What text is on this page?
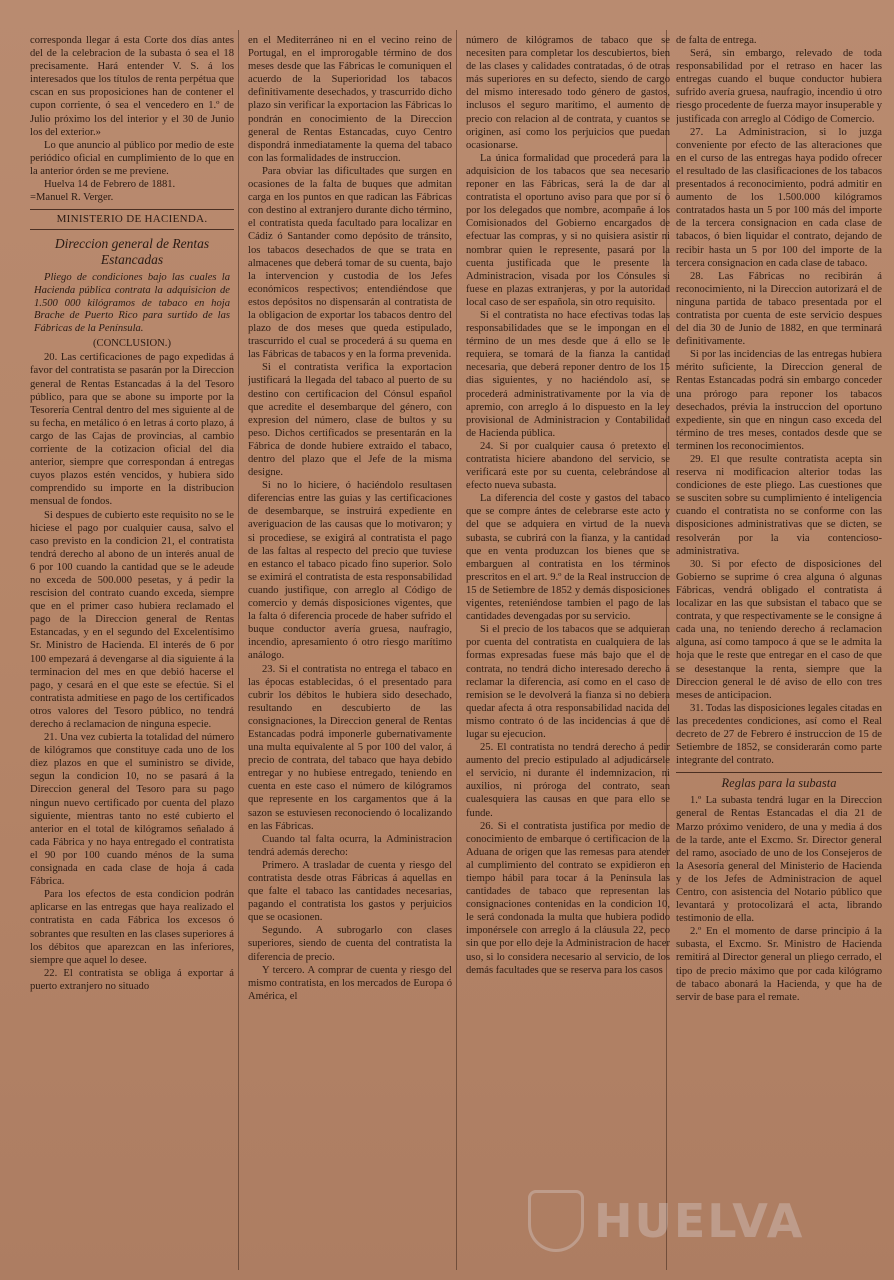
corresponda llegar á esta Corte dos días antes del de la celebracion de la subasta ó sea el 18 precisamente. Hará entender V. S. á los interesados que los títulos de renta perpétua que cscan en sus proposiciones han de contener el cupon corriente, ó sea el vencedero en 1.º de Julio próximo los del interior y el 30 de Junio los del exterior.»

Lo que anuncio al público por medio de este periódico oficial en cumplimiento de lo que en la anterior órden se me previene.

Huelva 14 de Febrero de 1881.

=Manuel R. Verger.

MINISTERIO DE HACIENDA.
Direccion general de Rentas Estancadas

Pliego de condiciones bajo las cuales la Hacienda pública contrata la adquisicion de 1.500 000 kilógramos de tabaco en hoja Brache de Puerto Rico para surtido de las Fábricas de la Península.

(CONCLUSION.)

20. Las certificaciones de pago expedidas á favor del contratista se pasarán por la Direccion general de Rentas Estancadas á la del Tesoro público, para que se abone su importe por la Tesorería Central dentro del mes siguiente al de su fecha, en metálico ó en letras á corto plazo, á cargo de las Cajas de provincias, al cambio corriente de la cotizacion oficial del dia anterior, siempre que correspondan á entregas cuyos plazos estén vencidos, y hubiera sido comprendido su importe en la distribucion mensual de fondos.

Si despues de cubierto este requisito no se le hiciese el pago por cualquier causa, salvo el caso previsto en la condicion 21, el contratista tendrá derecho al abono de un interés anual de 6 por 100 cuando la cantidad que se le adeude no exceda de 500.000 pesetas, y á pedir la rescision del contrato cuando exceda, siempre que en el primer caso hubiera reclamado el pago de la Direccion general de Rentas Estancadas, y en el segundo del Excelentísimo Sr. Ministro de Hacienda. El interés de 6 por 100 empezará á devengarse al dia siguiente á la terminacion del mes en que debió hacerse el pago, y cesará en el que este se efectúe. Si el contratista admitiese en pago de los certificados otros valores del Tesoro público, no tendrá derecho á reclamacion de ninguna especie.

21. Una vez cubierta la totalidad del número de kilógramos que constituye cada uno de los diez plazos en que el suministro se divide, segun la condicion 10, no se pasará á la Direccion general del Tesoro para su pago ningun nuevo certificado por cuenta del plazo siguiente, mientras tanto no esté cubierto el anterior en el total de kilógramos señalado á cada Fábrica y no haya entregado el contratista el 90 por 100 cuando ménos de la suma consignada en cada clase de hoja á cada Fábrica.

Para los efectos de esta condicion podrán aplicarse en las entregas que haya realizado el contratista en cada Fábrica los excesos ó sobrantes que resulten en las clases superiores á los débitos que aparezcan en las inferiores, siempre que aquel lo desee.

22. El contratista se obliga á exportar á puerto extranjero no situado

en el Mediterráneo ni en el vecino reino de Portugal, en el improrogable término de dos meses desde que las Fábricas le comuniquen el acuerdo de la Superioridad los tabacos definitivamente desechados, y trascurrido dicho plazo sin verificar la exportacion las Fábricas lo pondrán en conocimiento de la Direccion general de Rentas Estancadas, cuyo Centro dispondrá inmediatamente la quema del tabaco con las formalidades de instruccion.

Para obviar las dificultades que surgen en ocasiones de la falta de buques que admitan carga en los puntos en que radican las Fábricas con destino al extranjero durante dicho término, el contratista queda facultado para localizar en Cádiz ó Santander como depósito de tránsito, los tabacos desechados de que se trata en almacenes que deberá tomar de su cuenta, bajo la intervencion y custodia de los Jefes económicos respectivos; entendiéndose que estos depósitos no dispensarán al contratista de la obligacion de exportar los tabacos dentro del plazo de dos meses que queda estipulado, trascurrido el cual se procederá á su quema en las Fábricas de tabacos y en la forma prevenida.

Si el contratista verifica la exportacion justificará la llegada del tabaco al puerto de su destino con certificacion del Cónsul español que acredite el desembarque del género, con expresion del número, clase de bultos y su peso. Dichos certificados se presentarán en la Fábrica de donde hubiere extraido el tabaco, dentro del plazo que el Jefe de la misma designe.

Si no lo hiciere, ó haciéndolo resultasen diferencias entre las guias y las certificaciones de desembarque, se instruirá expediente en averiguacion de las causas que lo motivaron; y si procediese, se exigirá al contratista el pago de las faltas al respecto del precio que tuviese en estanco el tabaco picado fino superior. Solo se eximirá el contratista de esta responsabilidad cuando justifique, con arreglo al Código de comercio y demás disposiciones vigentes, que la falta ó diferencia procede de haber sufrido el buque conductor avería gruesa, naufragio, incendio, apresamiento ó otro riesgo marítimo análogo.

23. Si el contratista no entrega el tabaco en las épocas establecidas, ó el presentado para cubrir los débitos le hubiera sido desechado, resultando en descubierto de las consignaciones, la Direccion general de Rentas Estancadas podrá imponerle gubernativamente una multa equivalente al 5 por 100 del valor, á precio de contrata, del tabaco que haya debido entregar y no hubiese entregado, teniendo en cuenta en este caso el número de kilógramos que represente en los cargamentos que á la sazon se estuviesen reconociendo ó localizando en las Fábricas.

Cuando tal falta ocurra, la Administracion tendrá además derecho:

Primero. A trasladar de cuenta y riesgo del contratista desde otras Fábricas á aquellas en que falte el tabaco las cantidades necesarias, pagando el contratista los gastos y perjuicios que se ocasionen.

Segundo. A subrogarlo con clases superiores, siendo de cuenta del contratista la diferencia de precio.

Y tercero. A comprar de cuenta y riesgo del mismo contratista, en los mercados de Europa ó América, el

número de kilógramos de tabaco que se necesiten para completar los descubiertos, bien de las clases y calidades contratadas, ó de otras más superiores en su defecto, siendo de cargo del mismo interesado todo género de gastos, inclusos el seguro marítimo, el aumento de precio con relacion al de contrata, y cuantos se originen, así como los perjuicios que puedan ocasionarse.

La única formalidad que procederá para la adquisicion de los tabacos que sea necesario reponer en las Fábricas, será la de dar al contratista el oportuno aviso para que por sí ó por los delegados que nombre, acompañe á los Comisionados del Gobierno encargados de efectuar las compras, y si no quisiera asistir ni nombrar quien le represente, pasará por la cuenta justificada que le presente la Administracion, visada por los Cónsules si fuese en plazas extranjeras, y por la autoridad local caso de ser española, sin otro requisito.

Si el contratista no hace efectivas todas las responsabilidades que se le impongan en el término de un mes desde que á ello se le requiera, se tomará de la fianza la cantidad necesaria, que deberá reponer dentro de los 15 dias siguientes, y no haciéndolo así, se procederá administrativamente por la via de apremio, con arreglo á lo dispuesto en la ley provisional de Administracion y Contabilidad de Hacienda pública.

24. Si por cualquier causa ó pretexto el contratista hiciere abandono del servicio, se verificará este por su cuenta, celebrándose al efecto nueva subasta.

La diferencia del coste y gastos del tabaco que se compre ántes de celebrarse este acto y del que se adquiera en virtud de la nueva subasta, se cubrirá con la fianza, y la cantidad que en venta produzcan los bienes que se embarguen al contratista en los términos prescritos en el art. 9.º de la Real instruccion de 15 de Setiembre de 1852 y demás disposiciones vigentes, reteniéndose tambien el pago de las cantidades devengadas por su servicio.

Si el precio de los tabacos que se adquieran por cuenta del contratista en cualquiera de las formas expresadas fuese más bajo que el de contrata, no tendrá dicho interesado derecho á reclamar la diferencia, así como en el caso de remision se le devolverá la fianza si no debiera quedar afecta á otra responsabilidad nacida del mismo contrato ó de las incidencias á que dé lugar su ejecucion.

25. El contratista no tendrá derecho á pedir aumento del precio estipulado al adjudicársele el servicio, ni durante él indemnizacion, ni auxilios, ni próroga del contrato, sean cualesquiera las causas en que para ello se funde.

26. Si el contratista justifica por medio de conocimiento de embarque ó certificacion de la Aduana de origen que las remesas para atender al cumplimiento del contrato se expidieron en tiempo hábil para tocar á la Península las cantidades de tabaco que representan las consignaciones contenidas en la condicion 10, le será condonada la multa que hubiera podido imponérsele con arreglo á la cláusula 22, peco sin que por ello deje la Administracion de hacer uso, si lo considera necesario al servicio, de los demás facultades que se reserva para los casos

de falta de entrega.

Será, sin embargo, relevado de toda responsabilidad por el retraso en hacer las entregas cuando el buque conductor hubiera sufrido avería gruesa, naufragio, incendio ú otro riesgo procedente de fuerza mayor insuperable y justificada con arreglo al Código de Comercio.

27. La Administracion, si lo juzga conveniente por efecto de las alteraciones que en el curso de las entregas haya podido ofrecer el resultado de las clasificaciones de los tabacos presentados á reconocimiento, podrá admitir en aumento de los 1.500.000 kilógramos contratados hasta un 5 por 100 más del importe de la tercera consignacion en cada clase de tabacos, ó bien liquidar el contrato, dejando de recibir hasta un 5 por 100 del importe de la tercera consignacion en cada clase de tabaco.

28. Las Fábricas no recibirán á reconocimiento, ni la Direccion autorizará el de ninguna partida de tabaco presentada por el contratista por cuenta de este servicio despues del dia 30 de Junio de 1882, en que terminará definitivamente.

Si por las incidencias de las entregas hubiera mérito suficiente, la Direccion general de Rentas Estancadas podrá sin embargo conceder una prórogo para reponer los tabacos desechados, prévia la instruccion del oportuno expediente, sin que en ningun caso exceda del término de tres meses, contados desde que se terminen los reconocimientos.

29. El que resulte contratista acepta sin reserva ni modificacion alterior todas las condiciones de este pliego. Las cuestiones que se susciten sobre su cumplimiento é inteligencia cuando el contratista no se conforme con las disposiciones administrativas que se dicten, se resolverán por la via contencioso-administrativa.

30. Si por efecto de disposiciones del Gobierno se suprime ó crea alguna ó algunas Fábricas, vendrá obligado el contratista á localizar en las que subsistan el tabaco que se contrata, y que respectivamente se le consigne á cada una, no teniendo derecho á reclamacion alguna, así como tampoco á que se le admita la hoja que le reste que entregar en el caso de que se desestanque la renta, siempre que la Direccion general le dé aviso de ello con tres meses de anticipacion.

31. Todas las disposiciones legales citadas en las precedentes condiciones, así como el Real decreto de 27 de Febrero é instruccion de 15 de Setiembre de 1852, se considerarán como parte integrante del contrato.

Reglas para la subasta

1.º La subasta tendrá lugar en la Direccion general de Rentas Estancadas el dia 21 de Marzo próximo venidero, de una y media á dos de la tarde, ante el Excmo. Sr. Director general del ramo, asociado de uno de los Consejeros de la Asesoría general del Ministerio de Hacienda y de los Jefes de Administracion de aquel Centro, con asistencia del Notario público que levantará y protocolizará el acta, librando testimonio de ella.

2.º En el momento de darse principio á la subasta, el Excmo. Sr. Ministro de Hacienda remitirá al Director general un pliego cerrado, el tipo de precio máximo que por cada kilógramo de tabaco abonará la Hacienda, y que ha de servir de base para el remate.

HUELVA
